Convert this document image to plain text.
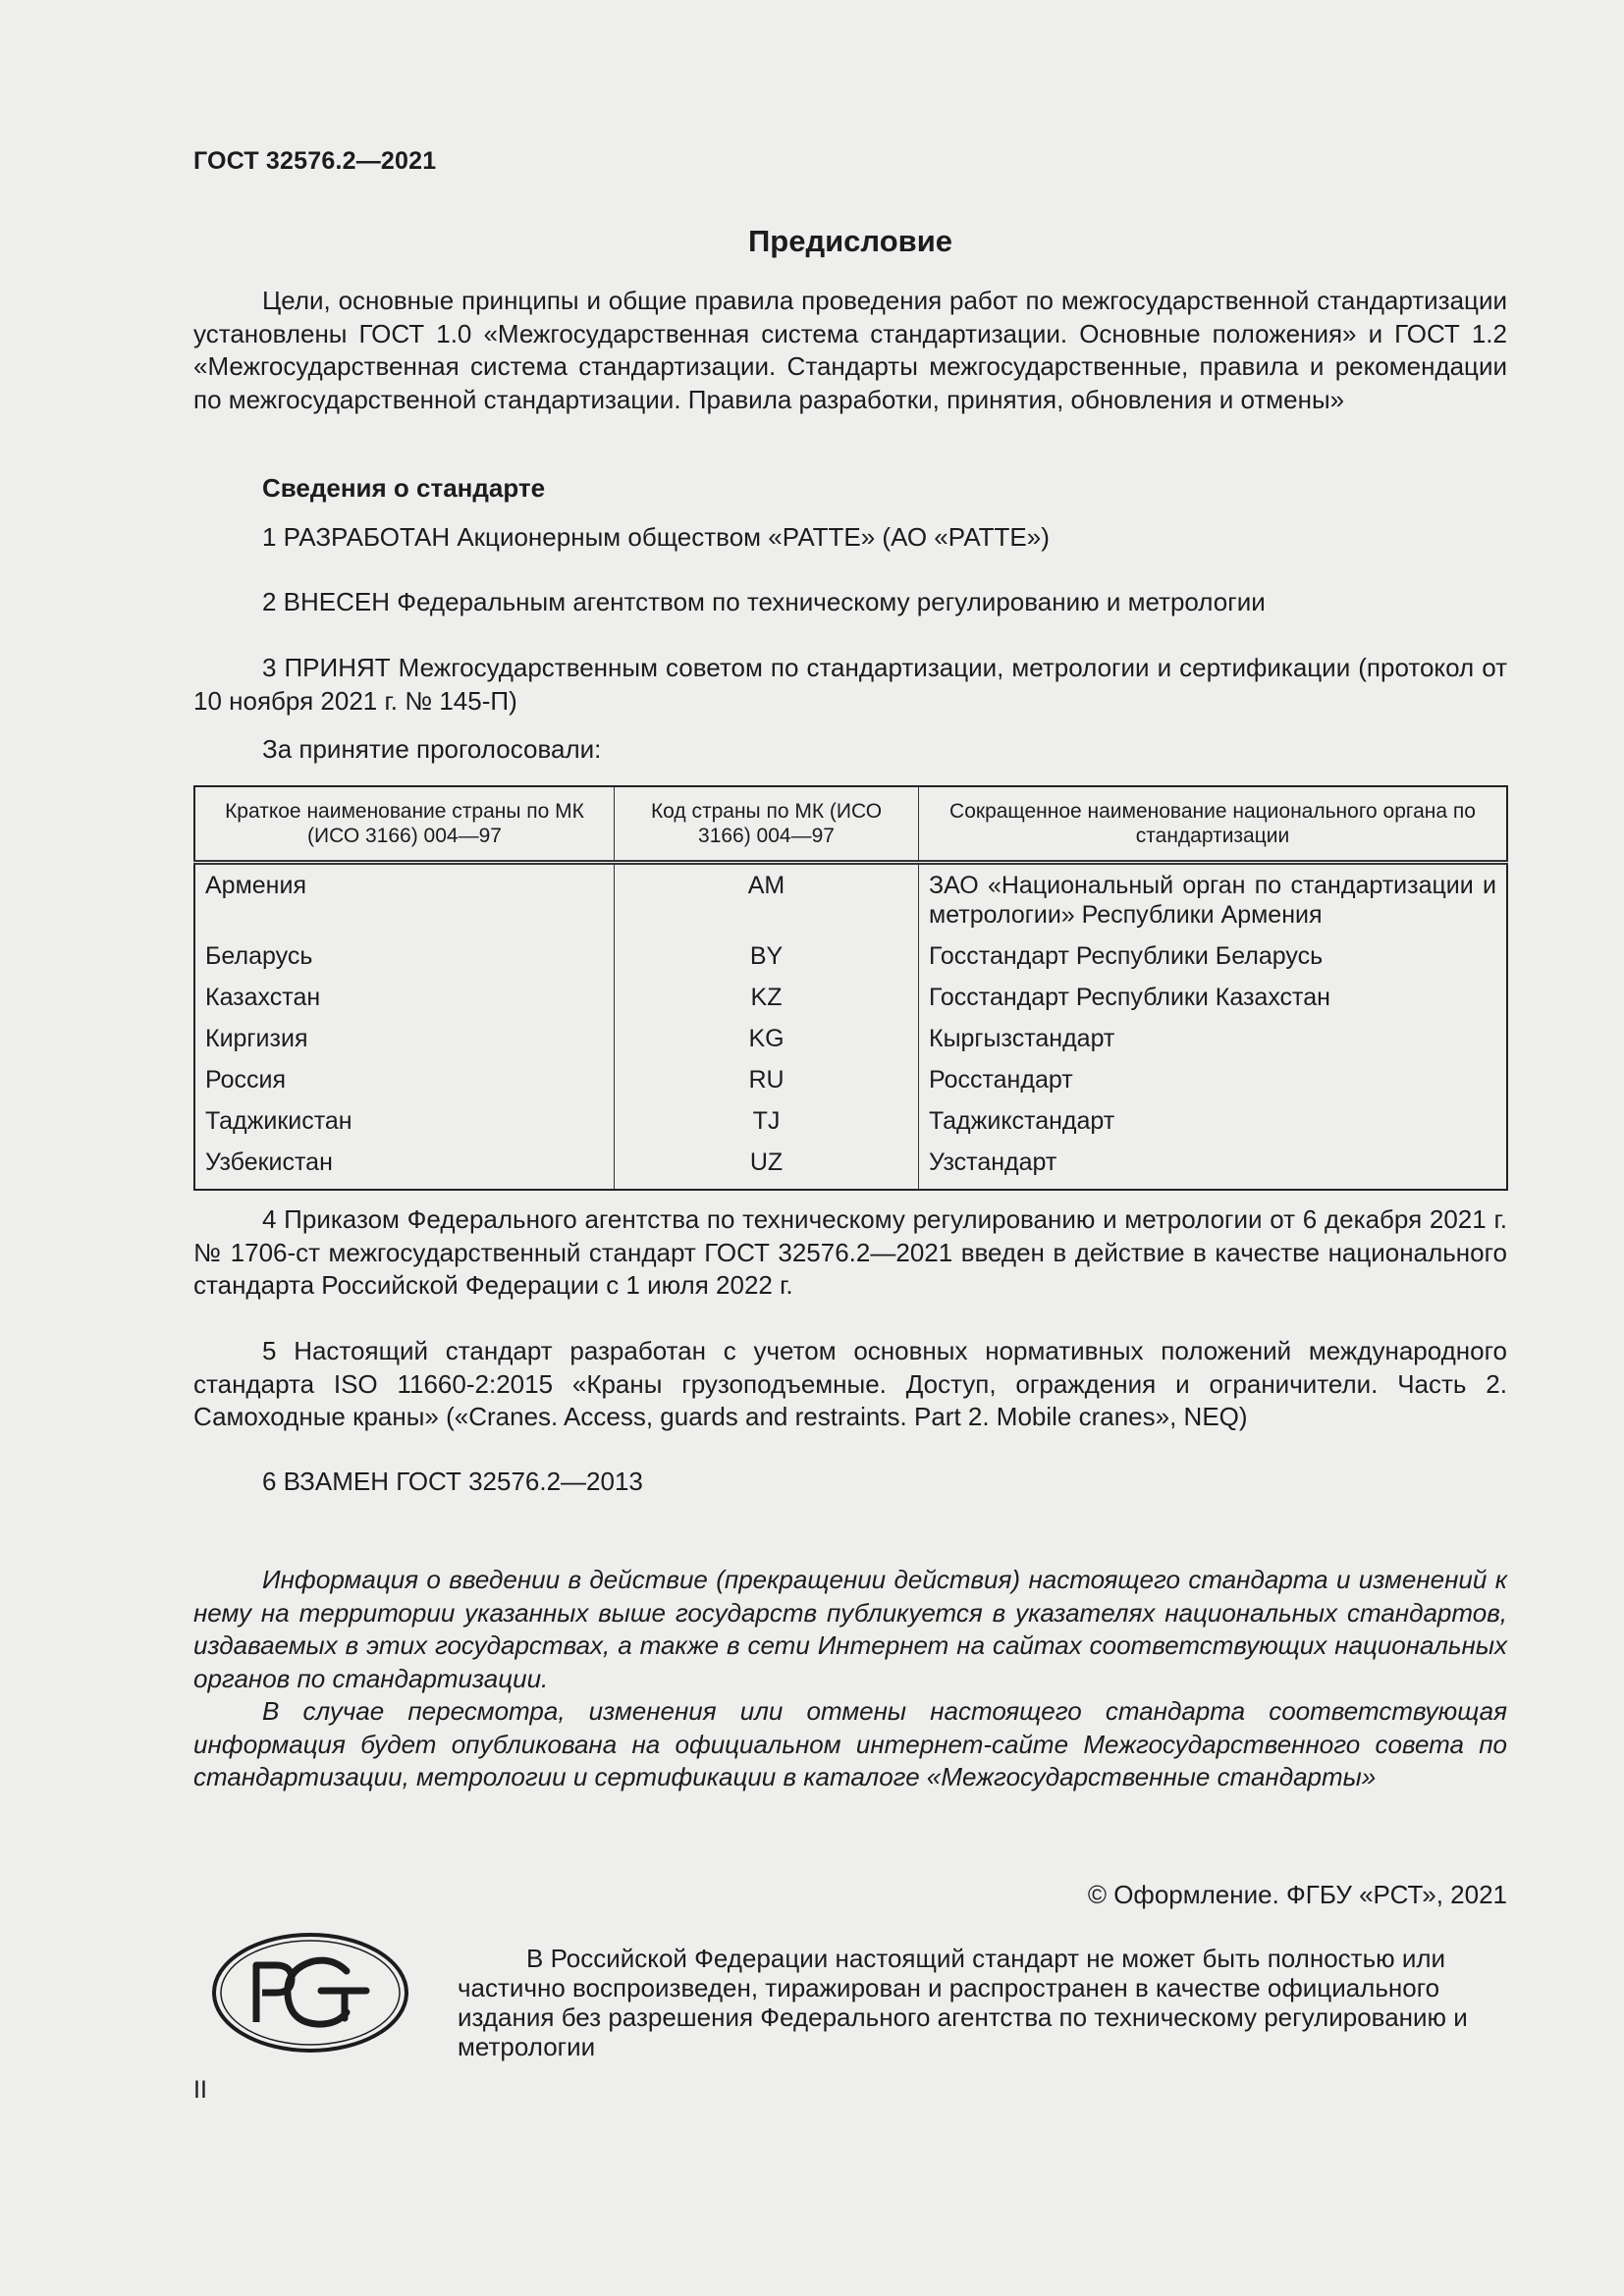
ГОСТ 32576.2—2021
Предисловие

Цели, основные принципы и общие правила проведения работ по межгосударственной стандартизации установлены ГОСТ 1.0 «Межгосударственная система стандартизации. Основные положения» и ГОСТ 1.2 «Межгосударственная система стандартизации. Стандарты межгосударственные, правила и рекомендации по межгосударственной стандартизации. Правила разработки, принятия, обновления и отмены»

Сведения о стандарте

1 РАЗРАБОТАН Акционерным обществом «РАТТЕ» (АО «РАТТЕ»)

2 ВНЕСЕН Федеральным агентством по техническому регулированию и метрологии

3 ПРИНЯТ Межгосударственным советом по стандартизации, метрологии и сертификации (протокол от 10 ноября 2021 г. № 145-П)

За принятие проголосовали:

Краткое наименование страны по МК (ИСО 3166) 004—97	Код страны по МК (ИСО 3166) 004—97	Сокращенное наименование национального органа по стандартизации
Армения	AM	ЗАО «Национальный орган по стандартизации и метрологии» Республики Армения
Беларусь	BY	Госстандарт Республики Беларусь
Казахстан	KZ	Госстандарт Республики Казахстан
Киргизия	KG	Кыргызстандарт
Россия	RU	Росстандарт
Таджикистан	TJ	Таджикстандарт
Узбекистан	UZ	Узстандарт

4 Приказом Федерального агентства по техническому регулированию и метрологии от 6 декабря 2021 г. № 1706-ст межгосударственный стандарт ГОСТ 32576.2—2021 введен в действие в качестве национального стандарта Российской Федерации с 1 июля 2022 г.

5 Настоящий стандарт разработан с учетом основных нормативных положений международного стандарта ISO 11660-2:2015 «Краны грузоподъемные. Доступ, ограждения и ограничители. Часть 2. Самоходные краны» («Cranes. Access, guards and restraints. Part 2. Mobile cranes», NEQ)

6 ВЗАМЕН ГОСТ 32576.2—2013

Информация о введении в действие (прекращении действия) настоящего стандарта и изменений к нему на территории указанных выше государств публикуется в указателях национальных стандартов, издаваемых в этих государствах, а также в сети Интернет на сайтах соответствующих национальных органов по стандартизации.

В случае пересмотра, изменения или отмены настоящего стандарта соответствующая информация будет опубликована на официальном интернет-сайте Межгосударственного совета по стандартизации, метрологии и сертификации в каталоге «Межгосударственные стандарты»

© Оформление. ФГБУ «РСТ», 2021

В Российской Федерации настоящий стандарт не может быть полностью или частично воспроизведен, тиражирован и распространен в качестве официального издания без разрешения Федерального агентства по техническому регулированию и метрологии

II
